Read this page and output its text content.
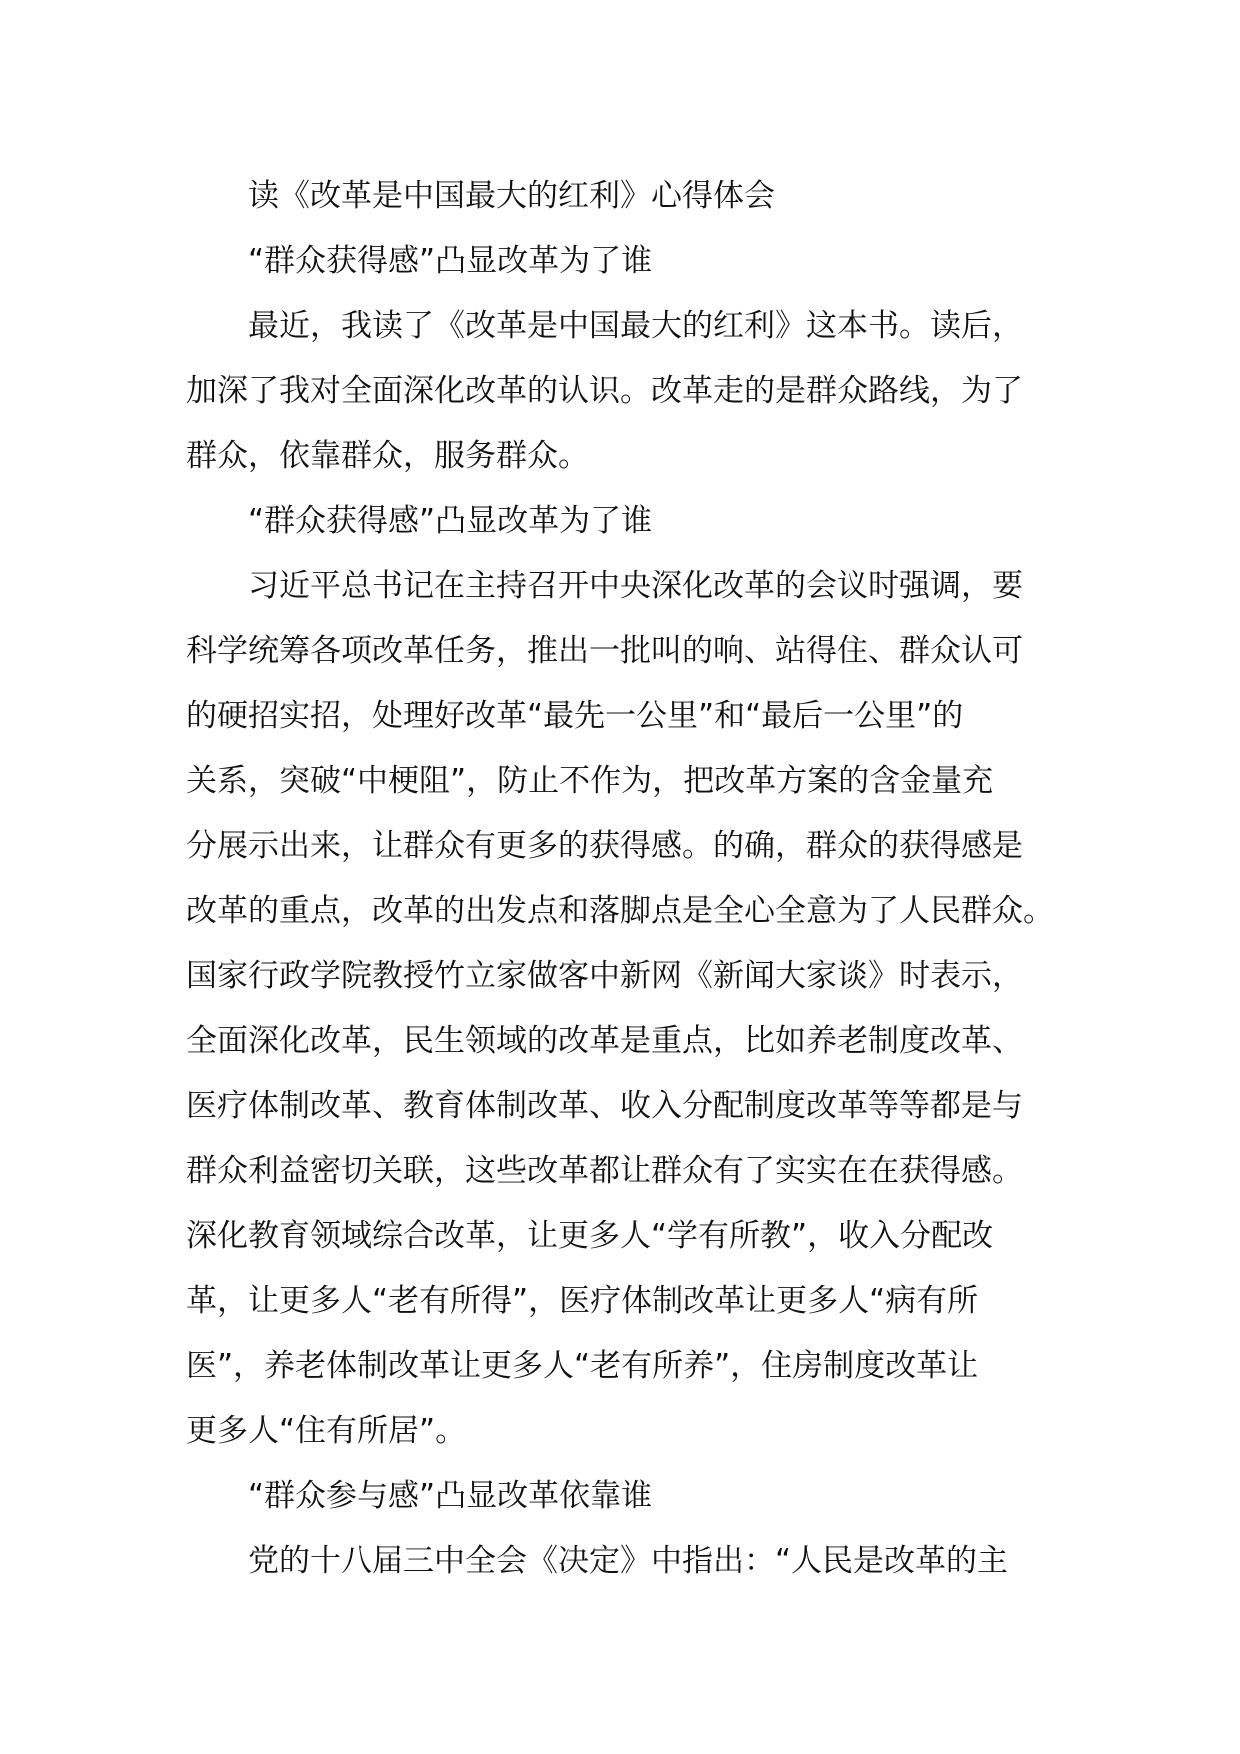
读《改革是中国最大的红利》心得体会

“群众获得感”凸显改革为了谁

最近，我读了《改革是中国最大的红利》这本书。读后，

加深了我对全面深化改革的认识。改革走的是群众路线，为了

群众，依靠群众，服务群众。

“群众获得感”凸显改革为了谁

习近平总书记在主持召开中央深化改革的会议时强调，要

科学统筹各项改革任务，推出一批叫的响、站得住、群众认可

的硬招实招，处理好改革“最先一公里”和“最后一公里”的

关系，突破“中梗阻”，防止不作为，把改革方案的含金量充

分展示出来，让群众有更多的获得感。的确，群众的获得感是

改革的重点，改革的出发点和落脚点是全心全意为了人民群众。

国家行政学院教授竹立家做客中新网《新闻大家谈》时表示，

全面深化改革，民生领域的改革是重点，比如养老制度改革、

医疗体制改革、教育体制改革、收入分配制度改革等等都是与

群众利益密切关联，这些改革都让群众有了实实在在获得感。

深化教育领域综合改革，让更多人“学有所教”，收入分配改

革，让更多人“老有所得”，医疗体制改革让更多人“病有所

医”，养老体制改革让更多人“老有所养”，住房制度改革让

更多人“住有所居”。

“群众参与感”凸显改革依靠谁

党的十八届三中全会《决定》中指出：“人民是改革的主
